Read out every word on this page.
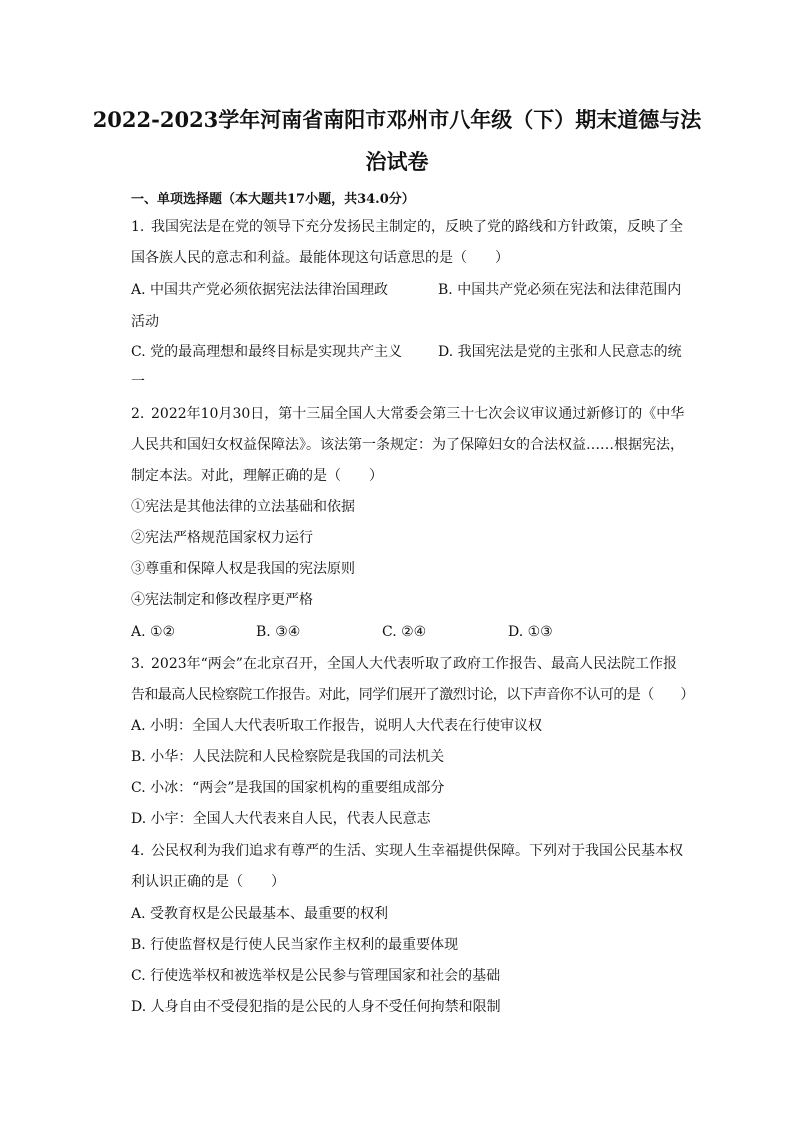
2022-2023学年河南省南阳市邓州市八年级（下）期末道德与法
治试卷
一、单项选择题（本大题共17小题，共34.0分）
1. 我国宪法是在党的领导下充分发扬民主制定的，反映了党的路线和方针政策，反映了全
国各族人民的意志和利益。最能体现这句话意思的是（　　）
A. 中国共产党必须依据宪法法律治国理政	B. 中国共产党必须在宪法和法律范围内
活动
C. 党的最高理想和最终目标是实现共产主义	D. 我国宪法是党的主张和人民意志的统
一
2. 2022年10月30日，第十三届全国人大常委会第三十七次会议审议通过新修订的《中华
人民共和国妇女权益保障法》。该法第一条规定：为了保障妇女的合法权益……根据宪法，
制定本法。对此，理解正确的是（　　）
①宪法是其他法律的立法基础和依据
②宪法严格规范国家权力运行
③尊重和保障人权是我国的宪法原则
④宪法制定和修改程序更严格
A. ①②	B. ③④	C. ②④	D. ①③
3. 2023年“两会”在北京召开，全国人大代表听取了政府工作报告、最高人民法院工作报
告和最高人民检察院工作报告。对此，同学们展开了激烈讨论，以下声音你不认可的是（　　）
A. 小明：全国人大代表听取工作报告，说明人大代表在行使审议权
B. 小华：人民法院和人民检察院是我国的司法机关
C. 小冰：“两会”是我国的国家机构的重要组成部分
D. 小宇：全国人大代表来自人民，代表人民意志
4. 公民权利为我们追求有尊严的生活、实现人生幸福提供保障。下列对于我国公民基本权
利认识正确的是（　　）
A. 受教育权是公民最基本、最重要的权利
B. 行使监督权是行使人民当家作主权利的最重要体现
C. 行使选举权和被选举权是公民参与管理国家和社会的基础
D. 人身自由不受侵犯指的是公民的人身不受任何拘禁和限制
